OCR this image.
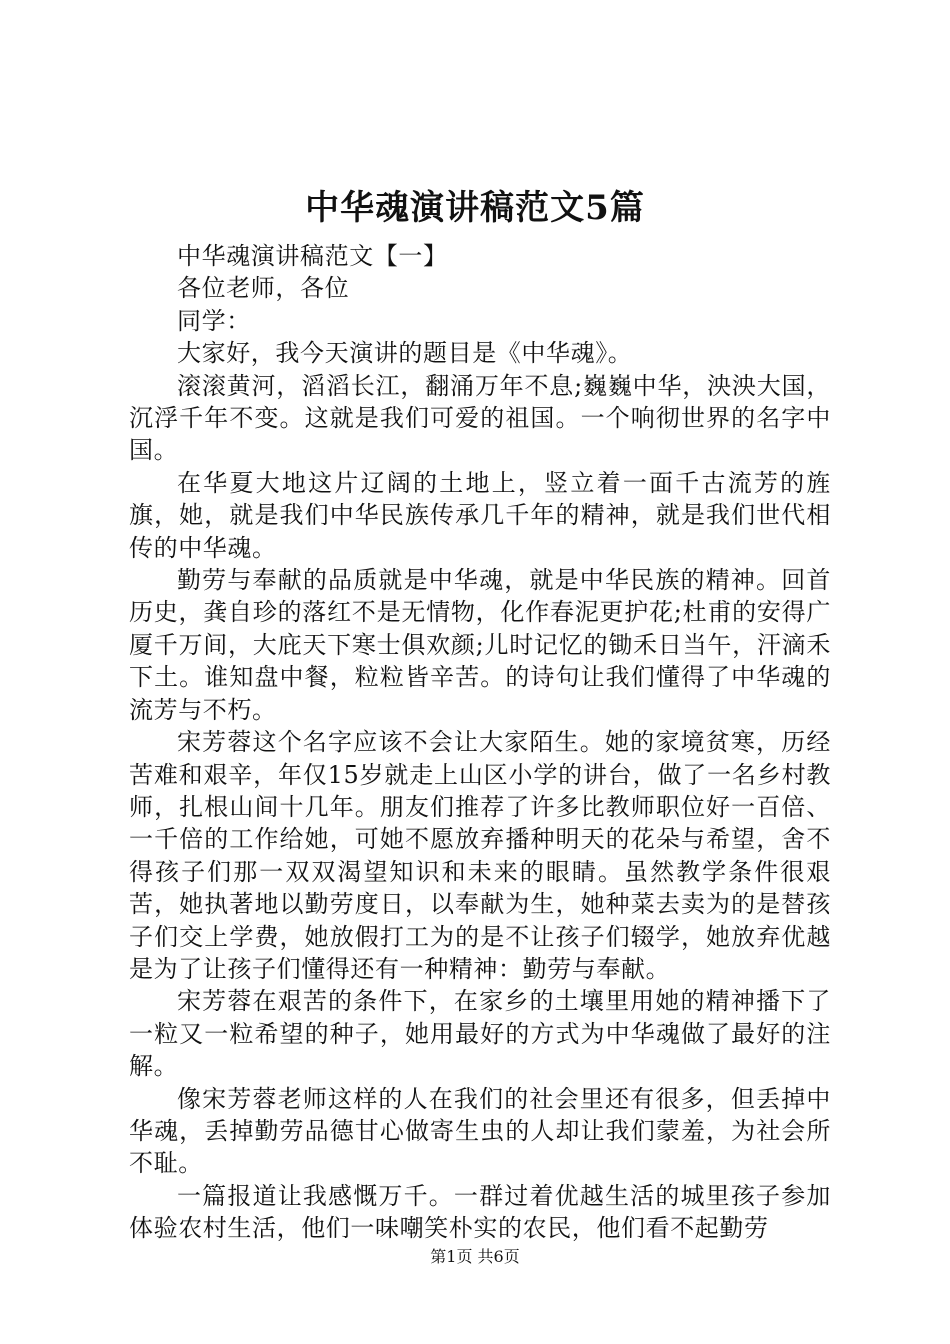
中华魂演讲稿范文5篇

中华魂演讲稿范文【一】

各位老师，各位

同学：

大家好，我今天演讲的题目是《中华魂》。

滚滚黄河，滔滔长江，翻涌万年不息;巍巍中华，泱泱大国，沉浮千年不变。这就是我们可爱的祖国。一个响彻世界的名字中国。

在华夏大地这片辽阔的土地上，竖立着一面千古流芳的旌旗，她，就是我们中华民族传承几千年的精神，就是我们世代相传的中华魂。

勤劳与奉献的品质就是中华魂，就是中华民族的精神。回首历史，龚自珍的落红不是无情物，化作春泥更护花;杜甫的安得广厦千万间，大庇天下寒士俱欢颜;儿时记忆的锄禾日当午，汗滴禾下土。谁知盘中餐，粒粒皆辛苦。的诗句让我们懂得了中华魂的流芳与不朽。

宋芳蓉这个名字应该不会让大家陌生。她的家境贫寒，历经苦难和艰辛，年仅15岁就走上山区小学的讲台，做了一名乡村教师，扎根山间十几年。朋友们推荐了许多比教师职位好一百倍、一千倍的工作给她，可她不愿放弃播种明天的花朵与希望，舍不得孩子们那一双双渴望知识和未来的眼睛。虽然教学条件很艰苦，她执著地以勤劳度日，以奉献为生，她种菜去卖为的是替孩子们交上学费，她放假打工为的是不让孩子们辍学，她放弃优越是为了让孩子们懂得还有一种精神：勤劳与奉献。

宋芳蓉在艰苦的条件下，在家乡的土壤里用她的精神播下了一粒又一粒希望的种子，她用最好的方式为中华魂做了最好的注解。

像宋芳蓉老师这样的人在我们的社会里还有很多，但丢掉中华魂，丢掉勤劳品德甘心做寄生虫的人却让我们蒙羞，为社会所不耻。

一篇报道让我感慨万千。一群过着优越生活的城里孩子参加体验农村生活，他们一味嘲笑朴实的农民，他们看不起勤劳

第1页 共6页
